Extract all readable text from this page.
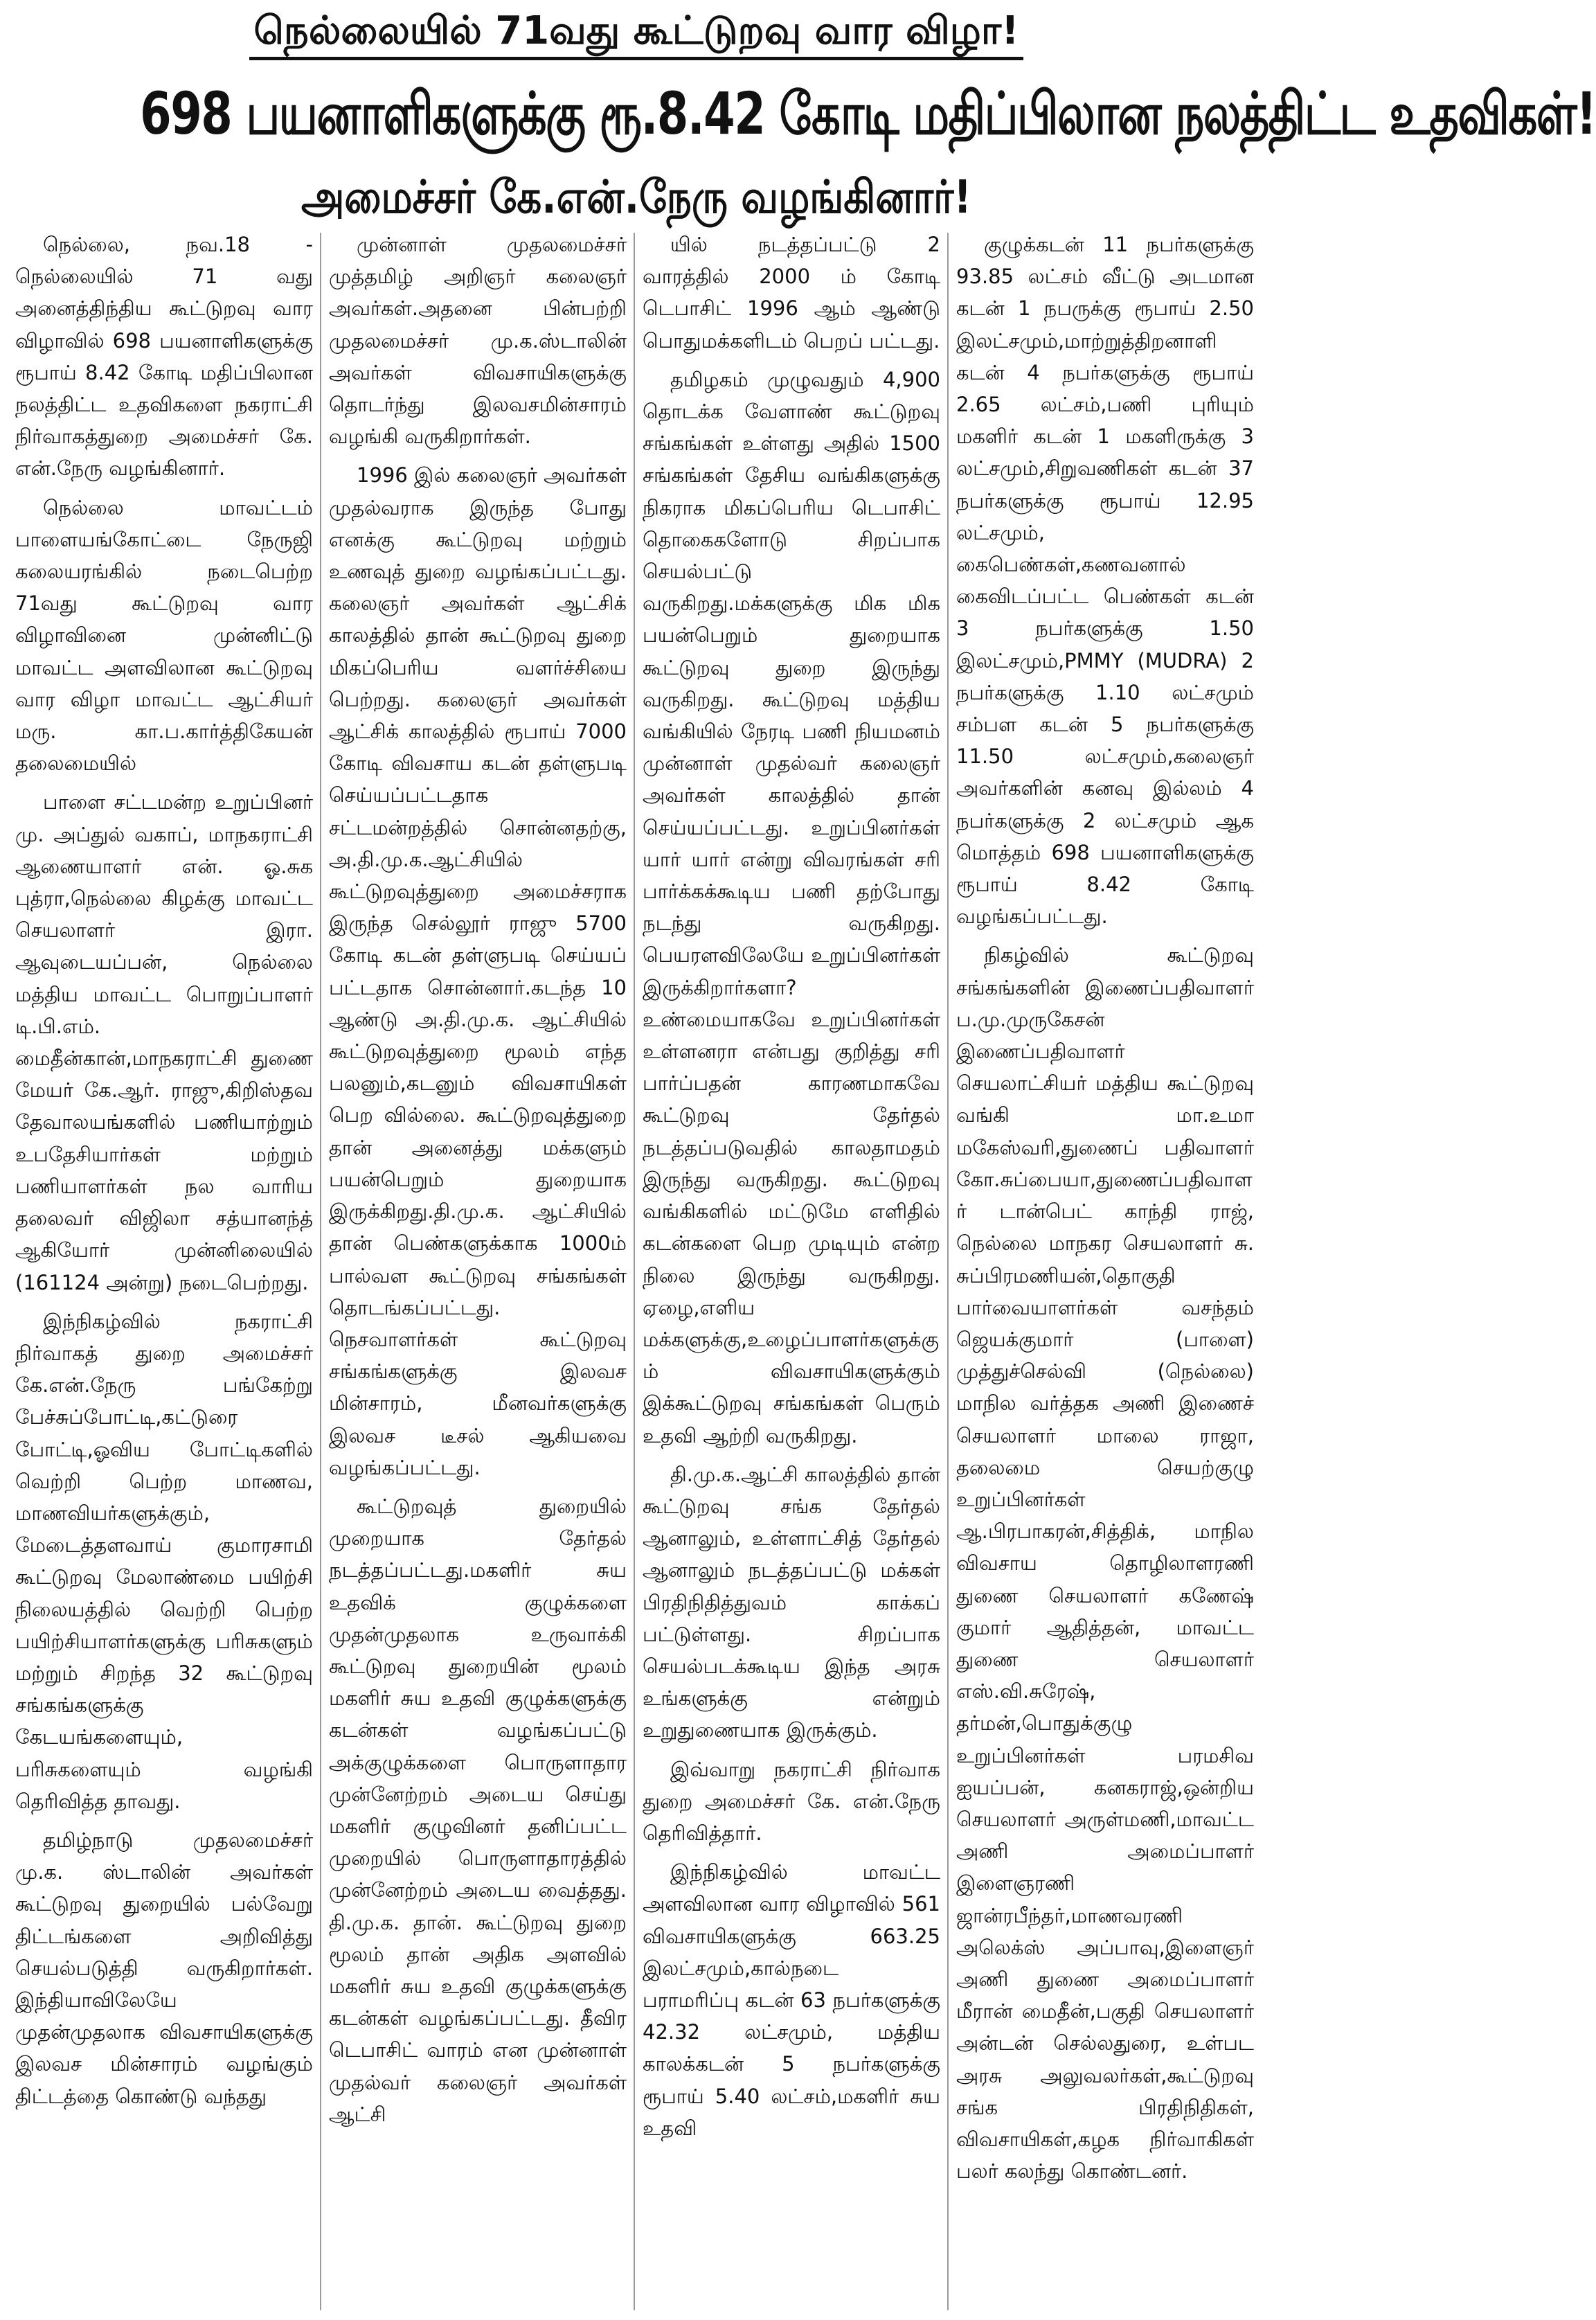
நெல்லையில் 71வது கூட்டுறவு வார விழா!
698 பயனாளிகளுக்கு ரூ.8.42 கோடி மதிப்பிலான நலத்திட்ட உதவிகள்!
அமைச்சர் கே.என்.நேரு வழங்கினார்!

நெல்லை, நவ.18 - நெல்லையில் 71 வது அனைத்திந்திய கூட்டுறவு வார விழாவில் 698 பயனாளிகளுக்கு ரூபாய் 8.42 கோடி மதிப்பிலான நலத்திட்ட உதவிகளை நகராட்சி நிர்வாகத்துறை அமைச்சர் கே. என்.நேரு வழங்கினார்.

நெல்லை மாவட்டம் பாளையங்கோட்டை நேருஜி கலையரங்கில் நடைபெற்ற 71வது கூட்டுறவு வார விழாவினை முன்னிட்டு மாவட்ட அளவிலான கூட்டுறவு வார விழா மாவட்ட ஆட்சியர் மரு. கா.ப.கார்த்திகேயன் தலைமையில்

பாளை சட்டமன்ற உறுப்பினர் மு. அப்துல் வகாப், மாநகராட்சி ஆணையாளர் என். ஓ.சுக புத்ரா,நெல்லை கிழக்கு மாவட்ட செயலாளர் இரா. ஆவுடையப்பன், நெல்லை மத்திய மாவட்ட பொறுப்பாளர் டி.பி.எம். மைதீன்கான்,மாநகராட்சி துணை மேயர் கே.ஆர். ராஜு,கிறிஸ்தவ தேவாலயங்களில் பணியாற்றும் உபதேசியார்கள் மற்றும் பணியாளர்கள் நல வாரிய தலைவர் விஜிலா சத்யானந்த் ஆகியோர் முன்னிலையில் (161124 அன்று) நடைபெற்றது.

இந்நிகழ்வில் நகராட்சி நிர்வாகத் துறை அமைச்சர் கே.என்.நேரு பங்கேற்று பேச்சுப்போட்டி,கட்டுரை போட்டி,ஓவிய போட்டிகளில் வெற்றி பெற்ற மாணவ, மாணவியர்களுக்கும், மேடைத்தளவாய் குமாரசாமி கூட்டுறவு மேலாண்மை பயிற்சி நிலையத்தில் வெற்றி பெற்ற பயிற்சியாளர்களுக்கு பரிசுகளும் மற்றும் சிறந்த 32 கூட்டுறவு சங்கங்களுக்கு கேடயங்களையும், பரிசுகளையும் வழங்கி தெரிவித்த தாவது.

தமிழ்நாடு முதலமைச்சர் மு.க. ஸ்டாலின் அவர்கள் கூட்டுறவு துறையில் பல்வேறு திட்டங்களை அறிவித்து செயல்படுத்தி வருகிறார்கள். இந்தியாவிலேயே முதன்முதலாக விவசாயிகளுக்கு இலவச மின்சாரம் வழங்கும் திட்டத்தை கொண்டு வந்தது

முன்னாள் முதலமைச்சர் முத்தமிழ் அறிஞர் கலைஞர் அவர்கள்.அதனை பின்பற்றி முதலமைச்சர் மு.க.ஸ்டாலின் அவர்கள் விவசாயிகளுக்கு தொடர்ந்து இலவசமின்சாரம் வழங்கி வருகிறார்கள்.

1996 இல் கலைஞர் அவர்கள் முதல்வராக இருந்த போது எனக்கு கூட்டுறவு மற்றும் உணவுத் துறை வழங்கப்பட்டது. கலைஞர் அவர்கள் ஆட்சிக் காலத்தில் தான் கூட்டுறவு துறை மிகப்பெரிய வளர்ச்சியை பெற்றது. கலைஞர் அவர்கள் ஆட்சிக் காலத்தில் ரூபாய் 7000 கோடி விவசாய கடன் தள்ளுபடி செய்யப்பட்டதாக சட்டமன்றத்தில் சொன்னதற்கு, அ.தி.மு.க.ஆட்சியில் கூட்டுறவுத்துறை அமைச்சராக இருந்த செல்லூர் ராஜு 5700 கோடி கடன் தள்ளுபடி செய்யப் பட்டதாக சொன்னார்.கடந்த 10 ஆண்டு அ.தி.மு.க. ஆட்சியில் கூட்டுறவுத்துறை மூலம் எந்த பலனும்,கடனும் விவசாயிகள் பெற வில்லை. கூட்டுறவுத்துறை தான் அனைத்து மக்களும் பயன்பெறும் துறையாக இருக்கிறது.தி.மு.க. ஆட்சியில் தான் பெண்களுக்காக 1000ம் பால்வள கூட்டுறவு சங்கங்கள் தொடங்கப்பட்டது. நெசவாளர்கள் கூட்டுறவு சங்கங்களுக்கு இலவச மின்சாரம், மீனவர்களுக்கு இலவச டீசல் ஆகியவை வழங்கப்பட்டது.

கூட்டுறவுத் துறையில் முறையாக தேர்தல் நடத்தப்பட்டது.மகளிர் சுய உதவிக் குழுக்களை முதன்முதலாக உருவாக்கி கூட்டுறவு துறையின் மூலம் மகளிர் சுய உதவி குழுக்களுக்கு கடன்கள் வழங்கப்பட்டு அக்குழுக்களை பொருளாதார முன்னேற்றம் அடைய செய்து மகளிர் குழுவினர் தனிப்பட்ட முறையில் பொருளாதாரத்தில் முன்னேற்றம் அடைய வைத்தது. தி.மு.க. தான். கூட்டுறவு துறை மூலம் தான் அதிக அளவில் மகளிர் சுய உதவி குழுக்களுக்கு கடன்கள் வழங்கப்பட்டது. தீவிர டெபாசிட் வாரம் என முன்னாள் முதல்வர் கலைஞர் அவர்கள் ஆட்சி

யில் நடத்தப்பட்டு 2 வாரத்தில் 2000 ம் கோடி டெபாசிட் 1996 ஆம் ஆண்டு பொதுமக்களிடம் பெறப் பட்டது.

தமிழகம் முழுவதும் 4,900 தொடக்க வேளாண் கூட்டுறவு சங்கங்கள் உள்ளது அதில் 1500 சங்கங்கள் தேசிய வங்கிகளுக்கு நிகராக மிகப்பெரிய டெபாசிட் தொகைகளோடு சிறப்பாக செயல்பட்டு வருகிறது.மக்களுக்கு மிக மிக பயன்பெறும் துறையாக கூட்டுறவு துறை இருந்து வருகிறது. கூட்டுறவு மத்திய வங்கியில் நேரடி பணி நியமனம் முன்னாள் முதல்வர் கலைஞர் அவர்கள் காலத்தில் தான் செய்யப்பட்டது. உறுப்பினர்கள் யார் யார் என்று விவரங்கள் சரி பார்க்கக்கூடிய பணி தற்போது நடந்து வருகிறது. பெயரளவிலேயே உறுப்பினர்கள் இருக்கிறார்களா? உண்மையாகவே உறுப்பினர்கள் உள்ளனரா என்பது குறித்து சரி பார்ப்பதன் காரணமாகவே கூட்டுறவு தேர்தல் நடத்தப்படுவதில் காலதாமதம் இருந்து வருகிறது. கூட்டுறவு வங்கிகளில் மட்டுமே எளிதில் கடன்களை பெற முடியும் என்ற நிலை இருந்து வருகிறது. ஏழை,எளிய மக்களுக்கு,உழைப்பாளர்களுக்கும் விவசாயிகளுக்கும் இக்கூட்டுறவு சங்கங்கள் பெரும் உதவி ஆற்றி வருகிறது.

தி.மு.க.ஆட்சி காலத்தில் தான் கூட்டுறவு சங்க தேர்தல் ஆனாலும், உள்ளாட்சித் தேர்தல் ஆனாலும் நடத்தப்பட்டு மக்கள் பிரதிநிதித்துவம் காக்கப் பட்டுள்ளது. சிறப்பாக செயல்படக்கூடிய இந்த அரசு உங்களுக்கு என்றும் உறுதுணையாக இருக்கும்.

இவ்வாறு நகராட்சி நிர்வாக துறை அமைச்சர் கே. என்.நேரு தெரிவித்தார்.

இந்நிகழ்வில் மாவட்ட அளவிலான வார விழாவில் 561 விவசாயிகளுக்கு 663.25 இலட்சமும்,கால்நடை பராமரிப்பு கடன் 63 நபர்களுக்கு 42.32 லட்சமும், மத்திய காலக்கடன் 5 நபர்களுக்கு ரூபாய் 5.40 லட்சம்,மகளிர் சுய உதவி

குழுக்கடன் 11 நபர்களுக்கு 93.85 லட்சம் வீட்டு அடமான கடன் 1 நபருக்கு ரூபாய் 2.50 இலட்சமும்,மாற்றுத்திறனாளி கடன் 4 நபர்களுக்கு ரூபாய் 2.65 லட்சம்,பணி புரியும் மகளிர் கடன் 1 மகளிருக்கு 3 லட்சமும்,சிறுவணிகள் கடன் 37 நபர்களுக்கு ரூபாய் 12.95 லட்சமும், கைபெண்கள்,கணவனால் கைவிடப்பட்ட பெண்கள் கடன் 3 நபர்களுக்கு 1.50 இலட்சமும்,PMMY (MUDRA) 2 நபர்களுக்கு 1.10 லட்சமும் சம்பள கடன் 5 நபர்களுக்கு 11.50 லட்சமும்,கலைஞர் அவர்களின் கனவு இல்லம் 4 நபர்களுக்கு 2 லட்சமும் ஆக மொத்தம் 698 பயனாளிகளுக்கு ரூபாய் 8.42 கோடி வழங்கப்பட்டது.

நிகழ்வில் கூட்டுறவு சங்கங்களின் இணைப்பதிவாளர் ப.மு.முருகேசன் இணைப்பதிவாளர் செயலாட்சியர் மத்திய கூட்டுறவு வங்கி மா.உமா மகேஸ்வரி,துணைப் பதிவாளர் கோ.சுப்பையா,துணைப்பதிவாளர் டான்பெட் காந்தி ராஜ், நெல்லை மாநகர செயலாளர் சு. சுப்பிரமணியன்,தொகுதி பார்வையாளர்கள் வசந்தம் ஜெயக்குமார் (பாளை) முத்துச்செல்வி (நெல்லை) மாநில வர்த்தக அணி இணைச் செயலாளர் மாலை ராஜா, தலைமை செயற்குழு உறுப்பினர்கள் ஆ.பிரபாகரன்,சித்திக், மாநில விவசாய தொழிலாளரணி துணை செயலாளர் கணேஷ் குமார் ஆதித்தன், மாவட்ட துணை செயலாளர் எஸ்.வி.சுரேஷ், தர்மன்,பொதுக்குழு உறுப்பினர்கள் பரமசிவ ஐயப்பன், கனகராஜ்,ஒன்றிய செயலாளர் அருள்மணி,மாவட்ட அணி அமைப்பாளர் இளைஞரணி ஜான்ரபீந்தர்,மாணவரணி அலெக்ஸ் அப்பாவு,இளைஞர் அணி துணை அமைப்பாளர் மீரான் மைதீன்,பகுதி செயலாளர் அன்டன் செல்லதுரை, உள்பட அரசு அலுவலர்கள்,கூட்டுறவு சங்க பிரதிநிதிகள், விவசாயிகள்,கழக நிர்வாகிகள் பலர் கலந்து கொண்டனர்.
